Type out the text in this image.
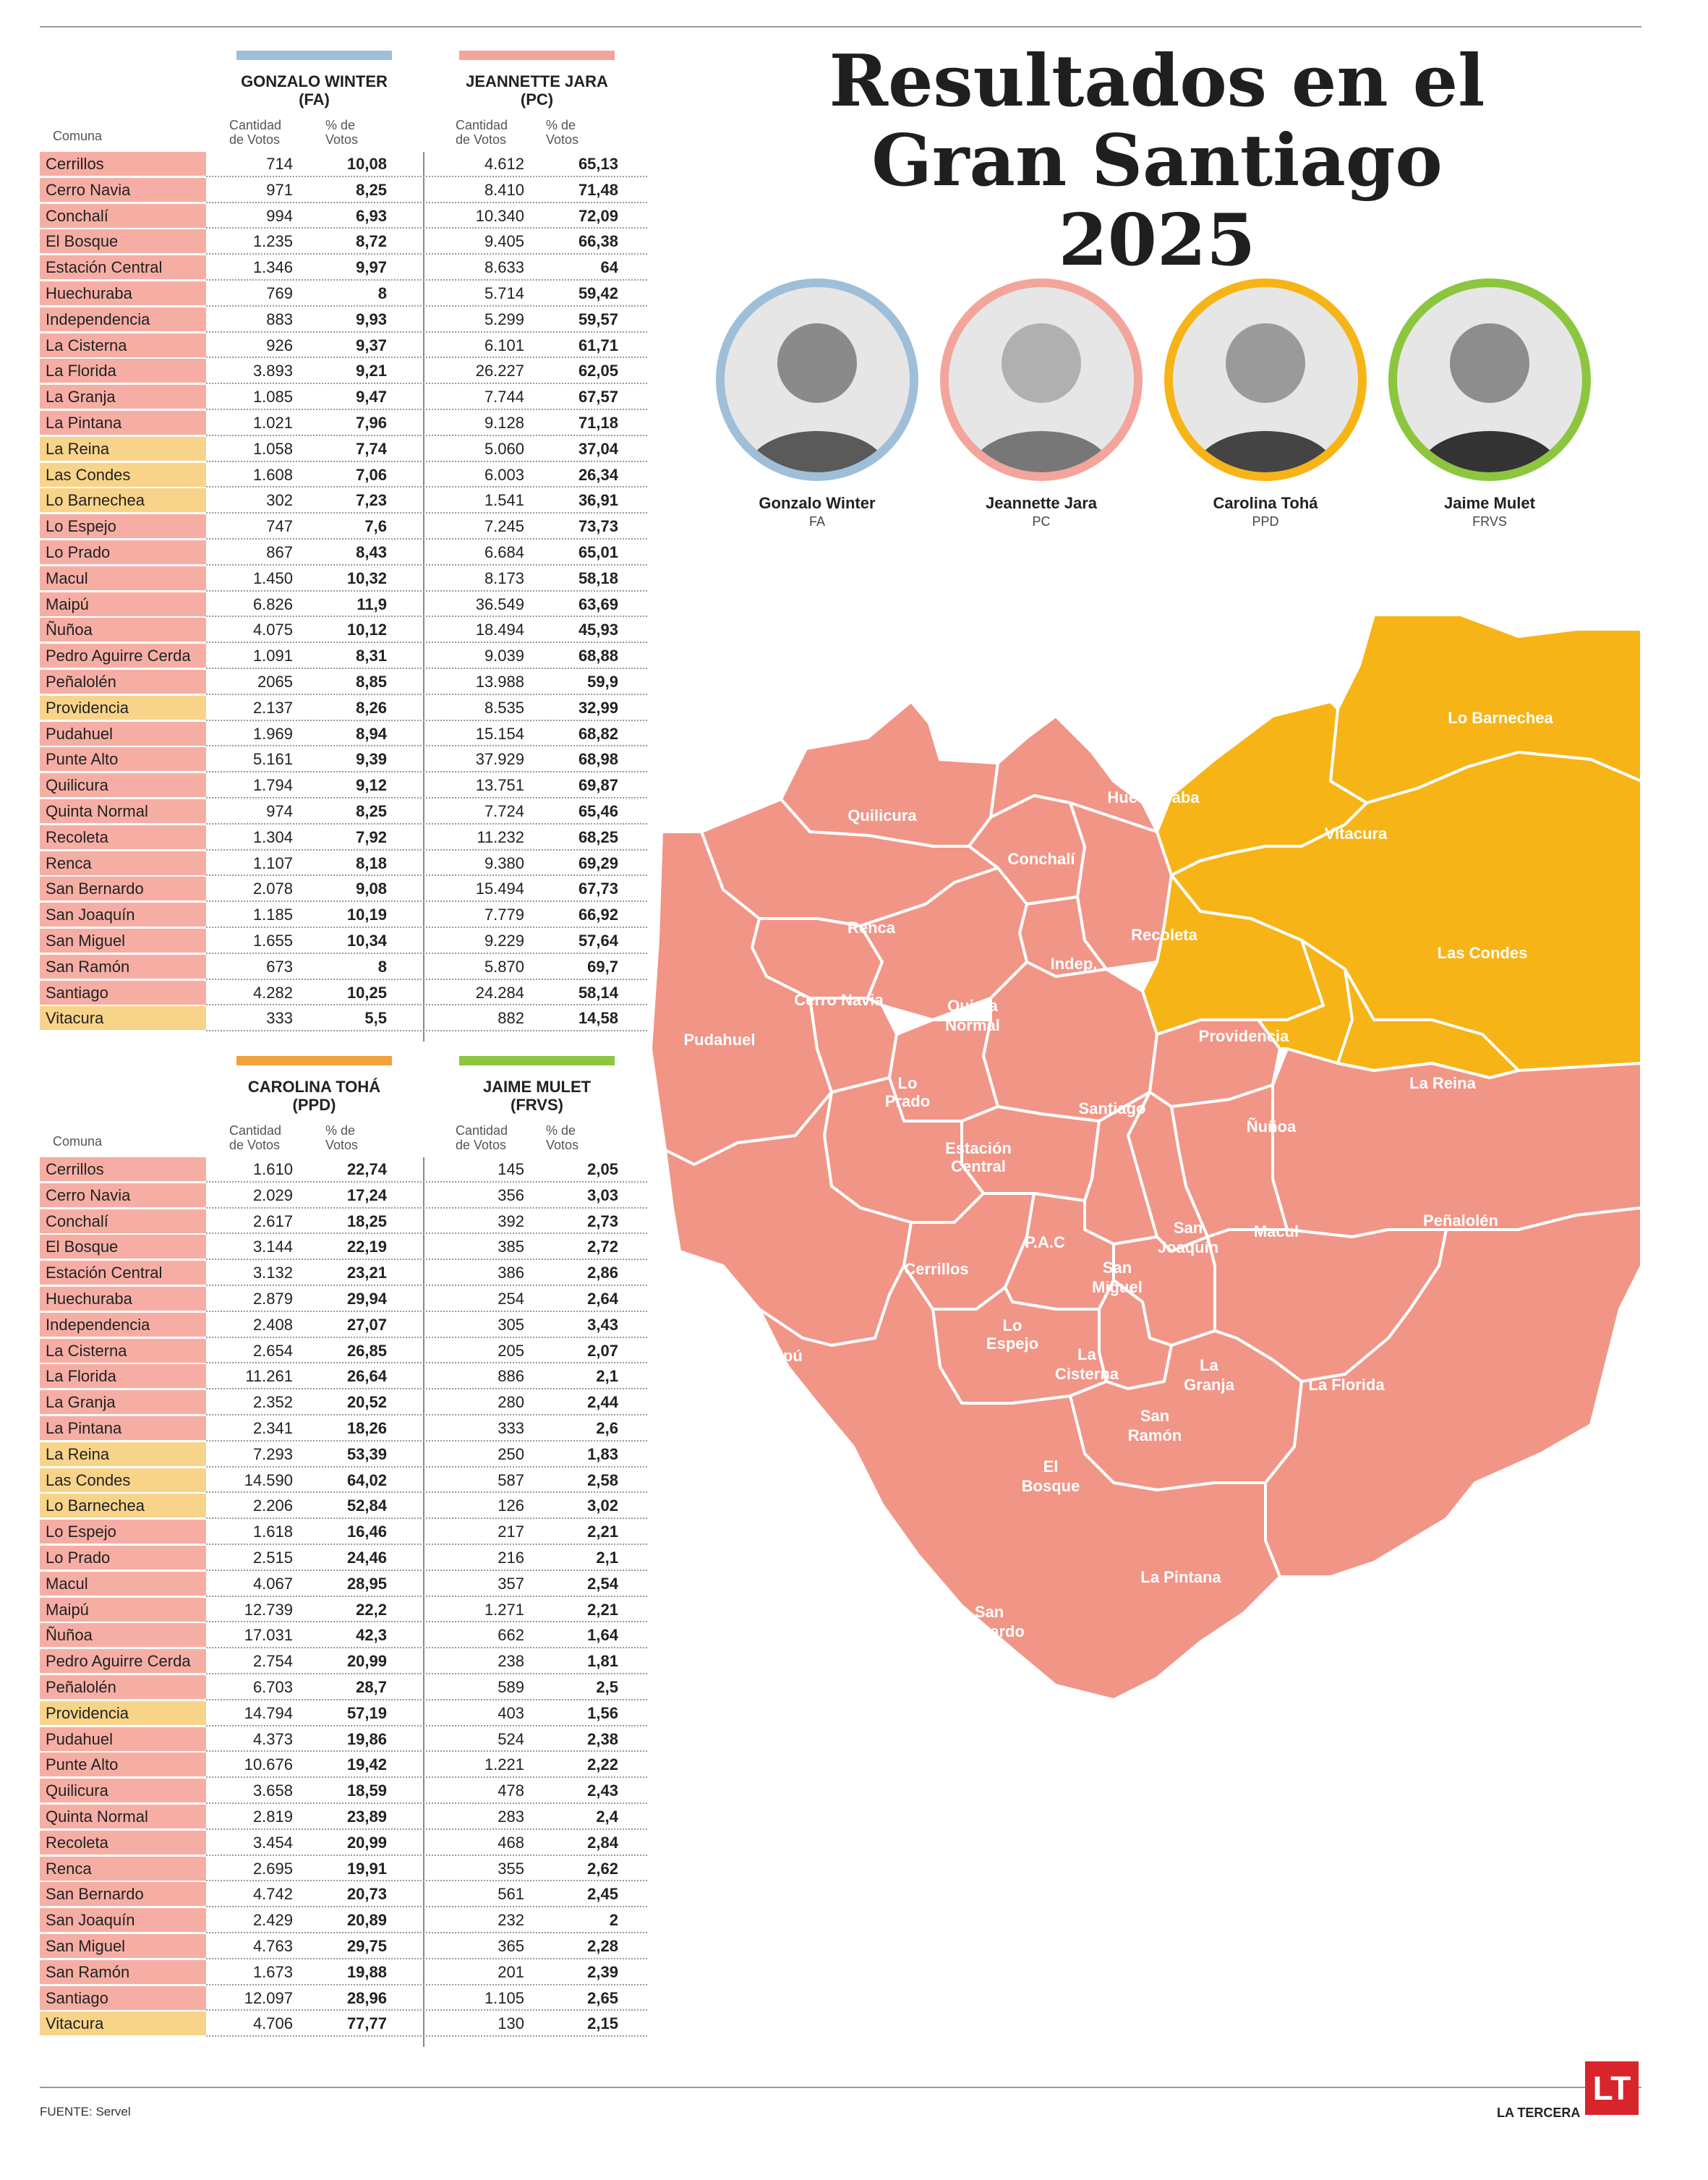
GONZALO WINTER
(FA)
JEANNETTE JARA
(PC)
Comuna
Cantidad de Votos
% de Votos
Cantidad de Votos
% de Votos
Cerrillos	714	10,08	4.612	65,13
Cerro Navia	971	8,25	8.410	71,48
Conchalí	994	6,93	10.340	72,09
El Bosque	1.235	8,72	9.405	66,38
Estación Central	1.346	9,97	8.633	64
Huechuraba	769	8	5.714	59,42
Independencia	883	9,93	5.299	59,57
La Cisterna	926	9,37	6.101	61,71
La Florida	3.893	9,21	26.227	62,05
La Granja	1.085	9,47	7.744	67,57
La Pintana	1.021	7,96	9.128	71,18
La Reina	1.058	7,74	5.060	37,04
Las Condes	1.608	7,06	6.003	26,34
Lo Barnechea	302	7,23	1.541	36,91
Lo Espejo	747	7,6	7.245	73,73
Lo Prado	867	8,43	6.684	65,01
Macul	1.450	10,32	8.173	58,18
Maipú	6.826	11,9	36.549	63,69
Ñuñoa	4.075	10,12	18.494	45,93
Pedro Aguirre Cerda	1.091	8,31	9.039	68,88
Peñalolén	2065	8,85	13.988	59,9
Providencia	2.137	8,26	8.535	32,99
Pudahuel	1.969	8,94	15.154	68,82
Punte Alto	5.161	9,39	37.929	68,98
Quilicura	1.794	9,12	13.751	69,87
Quinta Normal	974	8,25	7.724	65,46
Recoleta	1.304	7,92	11.232	68,25
Renca	1.107	8,18	9.380	69,29
San Bernardo	2.078	9,08	15.494	67,73
San Joaquín	1.185	10,19	7.779	66,92
San Miguel	1.655	10,34	9.229	57,64
San Ramón	673	8	5.870	69,7
Santiago	4.282	10,25	24.284	58,14
Vitacura	333	5,5	882	14,58
CAROLINA TOHÁ
(PPD)
JAIME MULET
(FRVS)
Comuna
Cantidad de Votos
% de Votos
Cantidad de Votos
% de Votos
Cerrillos	1.610	22,74	145	2,05
Cerro Navia	2.029	17,24	356	3,03
Conchalí	2.617	18,25	392	2,73
El Bosque	3.144	22,19	385	2,72
Estación Central	3.132	23,21	386	2,86
Huechuraba	2.879	29,94	254	2,64
Independencia	2.408	27,07	305	3,43
La Cisterna	2.654	26,85	205	2,07
La Florida	11.261	26,64	886	2,1
La Granja	2.352	20,52	280	2,44
La Pintana	2.341	18,26	333	2,6
La Reina	7.293	53,39	250	1,83
Las Condes	14.590	64,02	587	2,58
Lo Barnechea	2.206	52,84	126	3,02
Lo Espejo	1.618	16,46	217	2,21
Lo Prado	2.515	24,46	216	2,1
Macul	4.067	28,95	357	2,54
Maipú	12.739	22,2	1.271	2,21
Ñuñoa	17.031	42,3	662	1,64
Pedro Aguirre Cerda	2.754	20,99	238	1,81
Peñalolén	6.703	28,7	589	2,5
Providencia	14.794	57,19	403	1,56
Pudahuel	4.373	19,86	524	2,38
Punte Alto	10.676	19,42	1.221	2,22
Quilicura	3.658	18,59	478	2,43
Quinta Normal	2.819	23,89	283	2,4
Recoleta	3.454	20,99	468	2,84
Renca	2.695	19,91	355	2,62
San Bernardo	4.742	20,73	561	2,45
San Joaquín	2.429	20,89	232	2
San Miguel	4.763	29,75	365	2,28
San Ramón	1.673	19,88	201	2,39
Santiago	12.097	28,96	1.105	2,65
Vitacura	4.706	77,77	130	2,15
Resultados en el Gran Santiago 2025
Gonzalo Winter
FA
Jeannette Jara
PC
Carolina Tohá
PPD
Jaime Mulet
FRVS
Lo Barnechea
Huechuraba
Quilicura
Vitacura
Conchalí
Renca	Recoleta
Las Condes
Indep.
Cerro Navia	Quinta
Normal
Pudahuel	Providencia
Lo
Prado	Santiago
La Reina
Estación
Central
Ñuñoa
Peñalolén
Macul
San
Joaquín
P.A.C
Cerrillos	San
Miguel
Maipú
Lo
Espejo
La
Cisterna	La
Granja	La Florida
San
Ramón
El
Bosque
La Pintana
Puente Alto
San
Bernardo
FUENTE: Servel	LA TERCERA
LT
